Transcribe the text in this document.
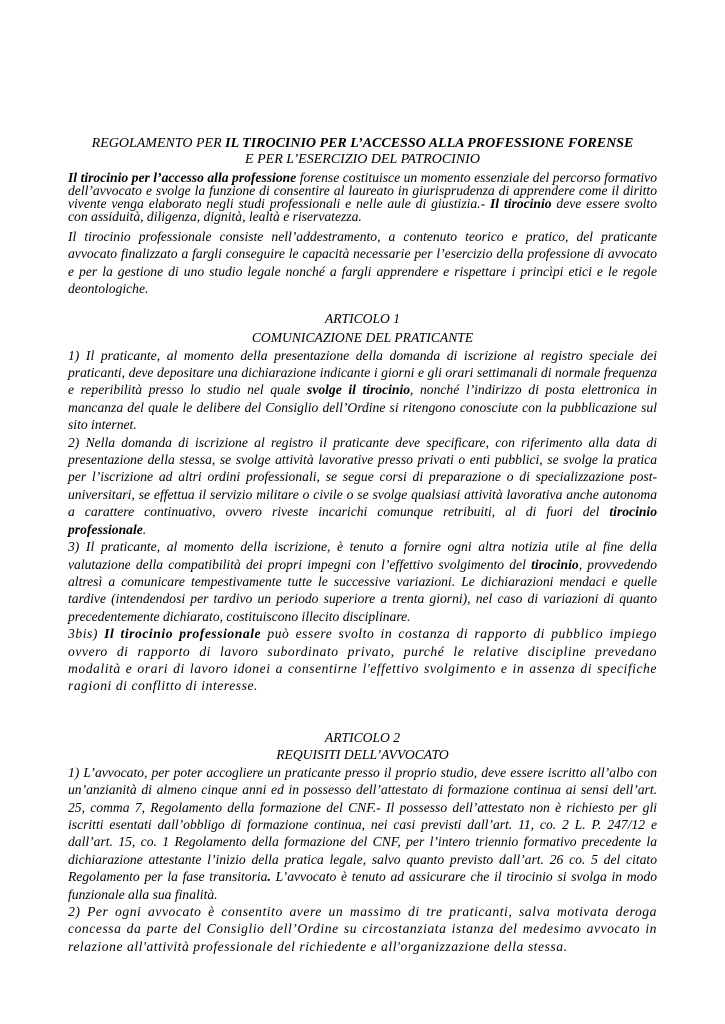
REGOLAMENTO PER IL TIROCINIO PER L’ACCESSO ALLA PROFESSIONE FORENSE
E PER L’ESERCIZIO DEL PATROCINIO

Il tirocinio per l’accesso alla professione forense costituisce un momento essenziale del percorso formativo dell’avvocato e svolge la funzione di consentire al laureato in giurisprudenza di apprendere come il diritto vivente venga elaborato negli studi professionali e nelle aule di giustizia.- Il tirocinio deve essere svolto con assiduità, diligenza, dignità, lealtà e riservatezza.

Il tirocinio professionale consiste nell’addestramento, a contenuto teorico e pratico, del praticante avvocato finalizzato a fargli conseguire le capacità necessarie per l’esercizio della professione di avvocato e per la gestione di uno studio legale nonché a fargli apprendere e rispettare i princìpi etici e le regole deontologiche.

ARTICOLO 1
COMUNICAZIONE DEL PRATICANTE

1) Il praticante, al momento della presentazione della domanda di iscrizione al registro speciale dei praticanti, deve depositare una dichiarazione indicante i giorni e gli orari settimanali di normale frequenza e reperibilità presso lo studio nel quale svolge il tirocinio, nonché l’indirizzo di posta elettronica in mancanza del quale le delibere del Consiglio dell’Ordine si ritengono conosciute con la pubblicazione sul sito internet.

2) Nella domanda di iscrizione al registro il praticante deve specificare, con riferimento alla data di presentazione della stessa, se svolge attività lavorative presso privati o enti pubblici, se svolge la pratica per l’iscrizione ad altri ordini professionali, se segue corsi di preparazione o di specializzazione post-universitari, se effettua il servizio militare o civile o se svolge qualsiasi attività lavorativa anche autonoma a carattere continuativo, ovvero riveste incarichi comunque retribuiti, al di fuori del tirocinio professionale.

3) Il praticante, al momento della iscrizione, è tenuto a fornire ogni altra notizia utile al fine della valutazione della compatibilità dei propri impegni con l’effettivo svolgimento del tirocinio, provvedendo altresì a comunicare tempestivamente tutte le successive variazioni. Le dichiarazioni mendaci e quelle tardive (intendendosi per tardivo un periodo superiore a trenta giorni), nel caso di variazioni di quanto precedentemente dichiarato, costituiscono illecito disciplinare.

3bis) Il tirocinio professionale può essere svolto in costanza di rapporto di pubblico impiego ovvero di rapporto di lavoro subordinato privato, purché le relative discipline prevedano modalità e orari di lavoro idonei a consentirne l'effettivo svolgimento e in assenza di specifiche ragioni di conflitto di interesse.

ARTICOLO 2
REQUISITI DELL’AVVOCATO

1) L’avvocato, per poter accogliere un praticante presso il proprio studio, deve essere iscritto all’albo con un’anzianità di almeno cinque anni ed in possesso dell’attestato di formazione continua ai sensi dell’art. 25, comma 7, Regolamento della formazione del CNF.- Il possesso dell’attestato non è richiesto per gli iscritti esentati dall’obbligo di formazione continua, nei casi previsti dall’art. 11, co. 2 L. P. 247/12 e dall’art. 15, co. 1 Regolamento della formazione del CNF, per l’intero triennio formativo precedente la dichiarazione attestante l’inizio della pratica legale, salvo quanto previsto dall’art. 26 co. 5 del citato Regolamento per la fase transitoria. L’avvocato è tenuto ad assicurare che il tirocinio si svolga in modo funzionale alla sua finalità.

2) Per ogni avvocato è consentito avere un massimo di tre praticanti, salva motivata deroga concessa da parte del Consiglio dell’Ordine su circostanziata istanza del medesimo avvocato in relazione all'attività professionale del richiedente e all'organizzazione della stessa.
